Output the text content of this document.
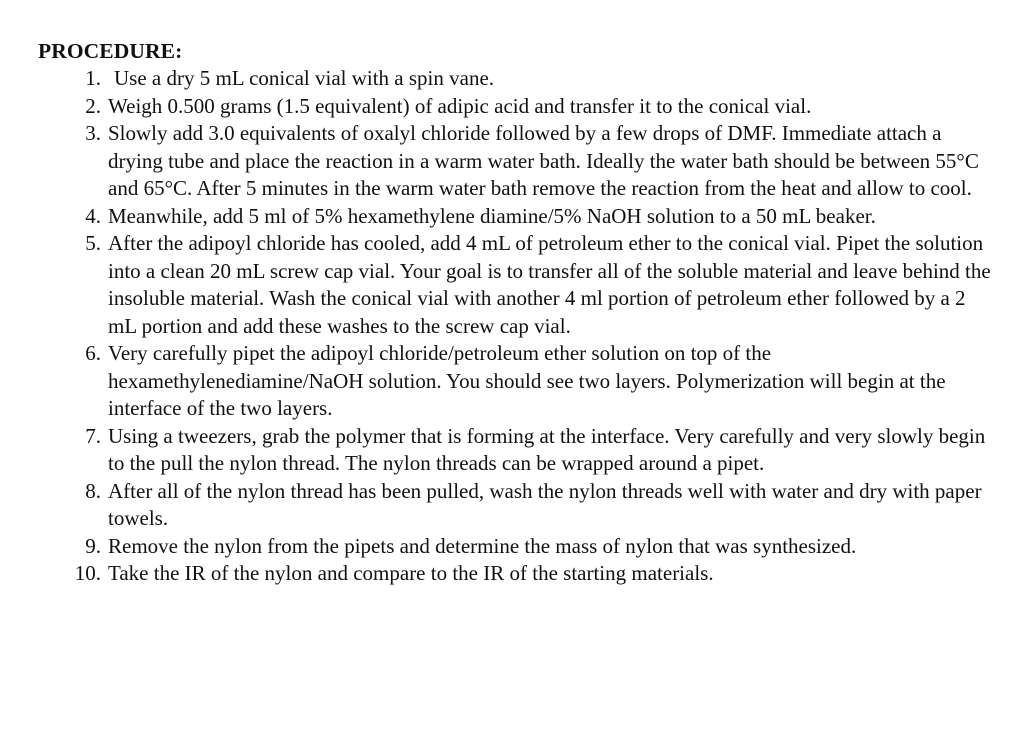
PROCEDURE:
1. Use a dry 5 mL conical vial with a spin vane.
2. Weigh 0.500 grams (1.5 equivalent) of adipic acid and transfer it to the conical vial.
3. Slowly add 3.0 equivalents of oxalyl chloride followed by a few drops of DMF. Immediate attach a drying tube and place the reaction in a warm water bath. Ideally the water bath should be between 55°C and 65°C. After 5 minutes in the warm water bath remove the reaction from the heat and allow to cool.
4. Meanwhile, add 5 ml of 5% hexamethylene diamine/5% NaOH solution to a 50 mL beaker.
5. After the adipoyl chloride has cooled, add 4 mL of petroleum ether to the conical vial. Pipet the solution into a clean 20 mL screw cap vial. Your goal is to transfer all of the soluble material and leave behind the insoluble material. Wash the conical vial with another 4 ml portion of petroleum ether followed by a 2 mL portion and add these washes to the screw cap vial.
6. Very carefully pipet the adipoyl chloride/petroleum ether solution on top of the hexamethylenediamine/NaOH solution. You should see two layers. Polymerization will begin at the interface of the two layers.
7. Using a tweezers, grab the polymer that is forming at the interface. Very carefully and very slowly begin to the pull the nylon thread. The nylon threads can be wrapped around a pipet.
8. After all of the nylon thread has been pulled, wash the nylon threads well with water and dry with paper towels.
9. Remove the nylon from the pipets and determine the mass of nylon that was synthesized.
10. Take the IR of the nylon and compare to the IR of the starting materials.
